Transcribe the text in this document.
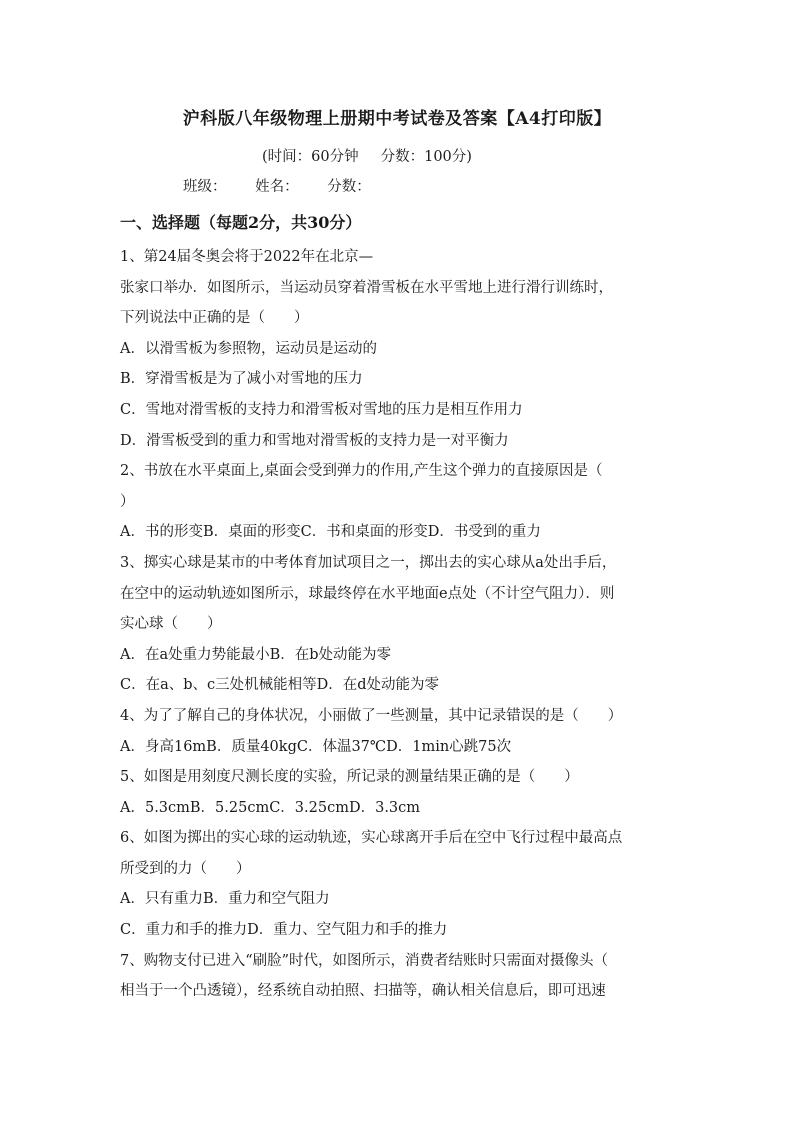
沪科版八年级物理上册期中考试卷及答案【A4打印版】
(时间：60分钟 分数：100分)
班级： 姓名： 分数：
一、选择题（每题2分，共30分）
1、第24届冬奥会将于2022年在北京—
张家口举办．如图所示，当运动员穿着滑雪板在水平雪地上进行滑行训练时，
下列说法中正确的是（　　）
A．以滑雪板为参照物，运动员是运动的
B．穿滑雪板是为了减小对雪地的压力
C．雪地对滑雪板的支持力和滑雪板对雪地的压力是相互作用力
D．滑雪板受到的重力和雪地对滑雪板的支持力是一对平衡力
2、书放在水平桌面上,桌面会受到弹力的作用,产生这个弹力的直接原因是（
）
A．书的形变B．桌面的形变C．书和桌面的形变D．书受到的重力
3、掷实心球是某市的中考体育加试项目之一，掷出去的实心球从a处出手后，
在空中的运动轨迹如图所示，球最终停在水平地面e点处（不计空气阻力）．则
实心球（　　）
A．在a处重力势能最小B．在b处动能为零
C．在a、b、c三处机械能相等D．在d处动能为零
4、为了了解自己的身体状况，小丽做了一些测量，其中记录错误的是（　　）
A．身高16mB．质量40kgC．体温37℃D．1min心跳75次
5、如图是用刻度尺测长度的实验，所记录的测量结果正确的是（　　）
A．5.3cmB．5.25cmC．3.25cmD．3.3cm
6、如图为掷出的实心球的运动轨迹，实心球离开手后在空中飞行过程中最高点
所受到的力（　　）
A．只有重力B．重力和空气阻力
C．重力和手的推力D．重力、空气阻力和手的推力
7、购物支付已进入“刷脸”时代，如图所示，消费者结账时只需面对摄像头（
相当于一个凸透镜），经系统自动拍照、扫描等，确认相关信息后，即可迅速
